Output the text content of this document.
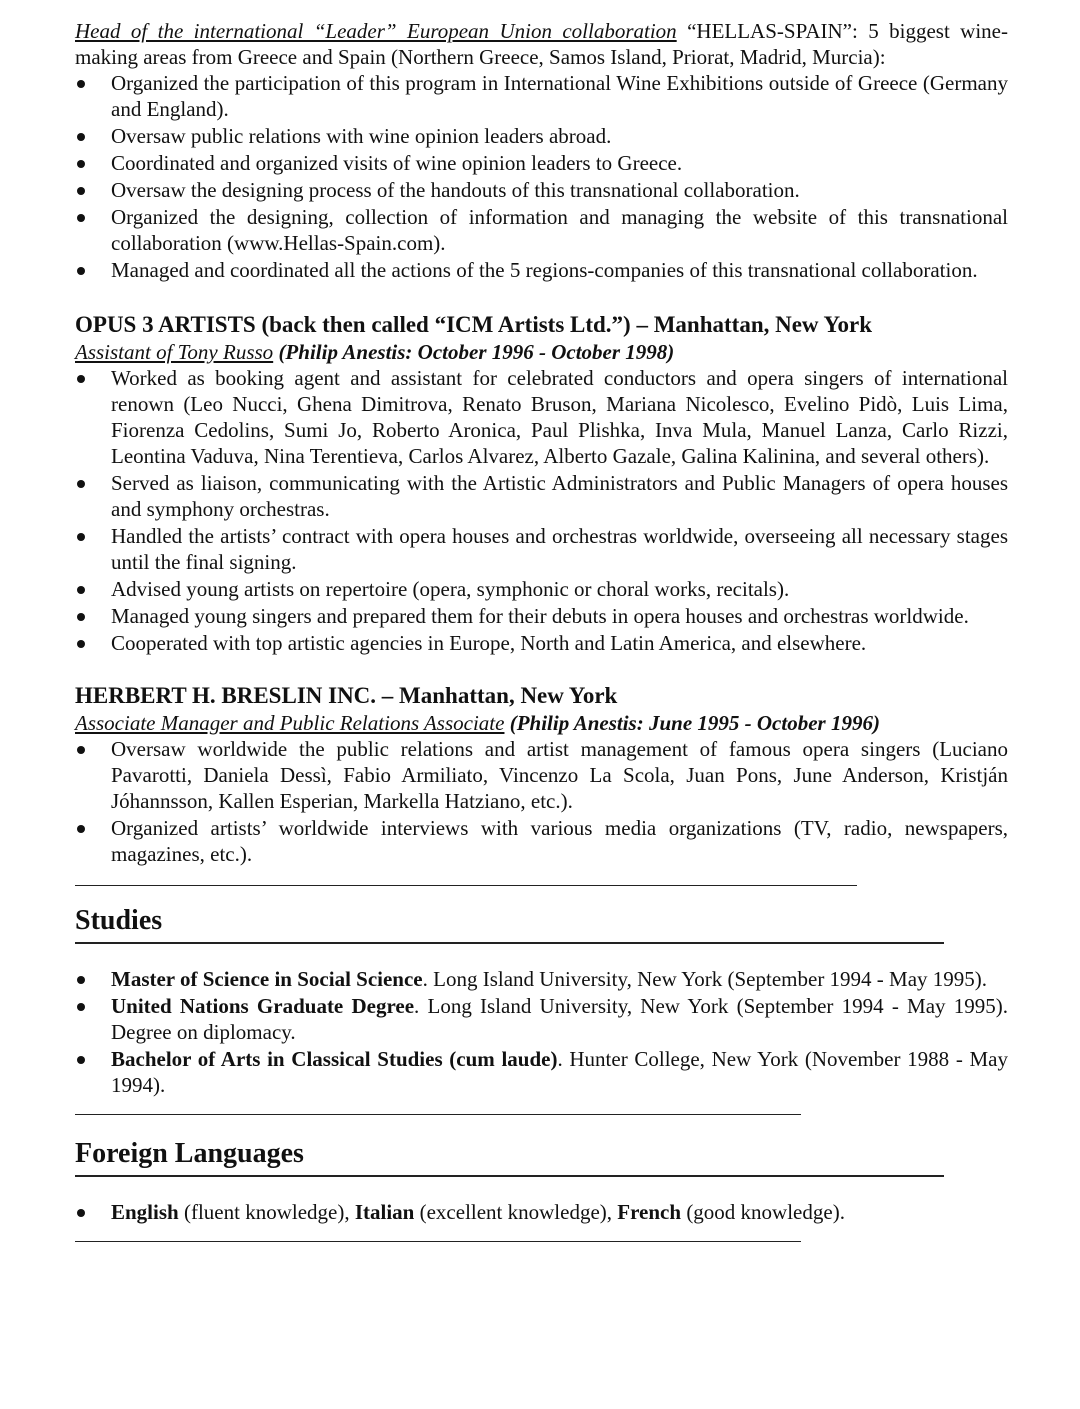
Head of the international “Leader” European Union collaboration “HELLAS-SPAIN”: 5 biggest wine-making areas from Greece and Spain (Northern Greece, Samos Island, Priorat, Madrid, Murcia):

Organized the participation of this program in International Wine Exhibitions outside of Greece (Germany and England).
Oversaw public relations with wine opinion leaders abroad.
Coordinated and organized visits of wine opinion leaders to Greece.
Oversaw the designing process of the handouts of this transnational collaboration.
Organized the designing, collection of information and managing the website of this transnational collaboration (www.Hellas-Spain.com).
Managed and coordinated all the actions of the 5 regions-companies of this transnational collaboration.
OPUS 3 ARTISTS (back then called “ICM Artists Ltd.”) – Manhattan, New York

Assistant of Tony Russo (Philip Anestis: October 1996 - October 1998)

Worked as booking agent and assistant for celebrated conductors and opera singers of international renown (Leo Nucci, Ghena Dimitrova, Renato Bruson, Mariana Nicolesco, Evelino Pidò, Luis Lima, Fiorenza Cedolins, Sumi Jo, Roberto Aronica, Paul Plishka, Inva Mula, Manuel Lanza, Carlo Rizzi, Leontina Vaduva, Nina Terentieva, Carlos Alvarez, Alberto Gazale, Galina Kalinina, and several others).
Served as liaison, communicating with the Artistic Administrators and Public Managers of opera houses and symphony orchestras.
Handled the artists’ contract with opera houses and orchestras worldwide, overseeing all necessary stages until the final signing.
Advised young artists on repertoire (opera, symphonic or choral works, recitals).
Managed young singers and prepared them for their debuts in opera houses and orchestras worldwide.
Cooperated with top artistic agencies in Europe, North and Latin America, and elsewhere.
HERBERT H. BRESLIN INC. – Manhattan, New York

Associate Manager and Public Relations Associate (Philip Anestis: June 1995 - October 1996)

Oversaw worldwide the public relations and artist management of famous opera singers (Luciano Pavarotti, Daniela Dessì, Fabio Armiliato, Vincenzo La Scola, Juan Pons, June Anderson, Kristján Jóhannsson, Kallen Esperian, Markella Hatziano, etc.).
Organized artists’ worldwide interviews with various media organizations (TV, radio, newspapers, magazines, etc.).
Studies
Master of Science in Social Science. Long Island University, New York (September 1994 - May 1995).
United Nations Graduate Degree. Long Island University, New York (September 1994 - May 1995). Degree on diplomacy.
Bachelor of Arts in Classical Studies (cum laude). Hunter College, New York (November 1988 - May 1994).
Foreign Languages
English (fluent knowledge), Italian (excellent knowledge), French (good knowledge).
